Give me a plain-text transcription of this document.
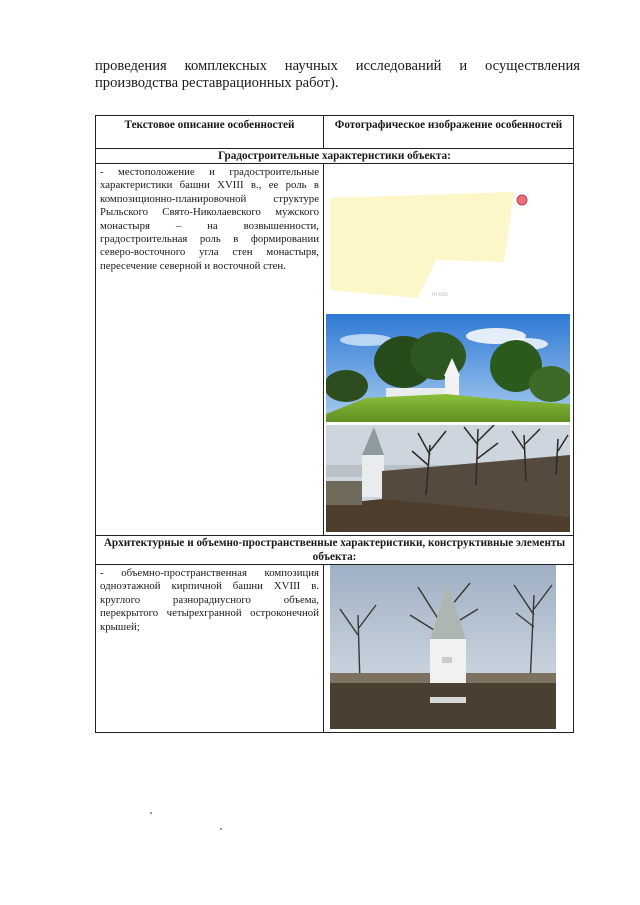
проведения комплексных научных исследований и осуществления
производства реставрационных работ).
Текстовое описание особенностей	Фотографическое изображение особенностей
Градостроительные характеристики объекта:	

- местоположение и градостроительные характеристики башни XVIII в., ее роль в композиционно-планировочной структуре Рыльского Свято-Николаевского мужского монастыря – на возвышенности, градостроительная роль в формировании северо-восточного угла стен монастыря, пересечение северной и восточной стен.	m cos

Архитектурные и объемно-пространственные характеристики, конструктивные элементы объекта:	

- объемно-пространственная композиция одноэтажной кирпичной башни XVIII в. круглого разнорадиусного объема, перекрытого четырехгранной остроконечной крышей;
